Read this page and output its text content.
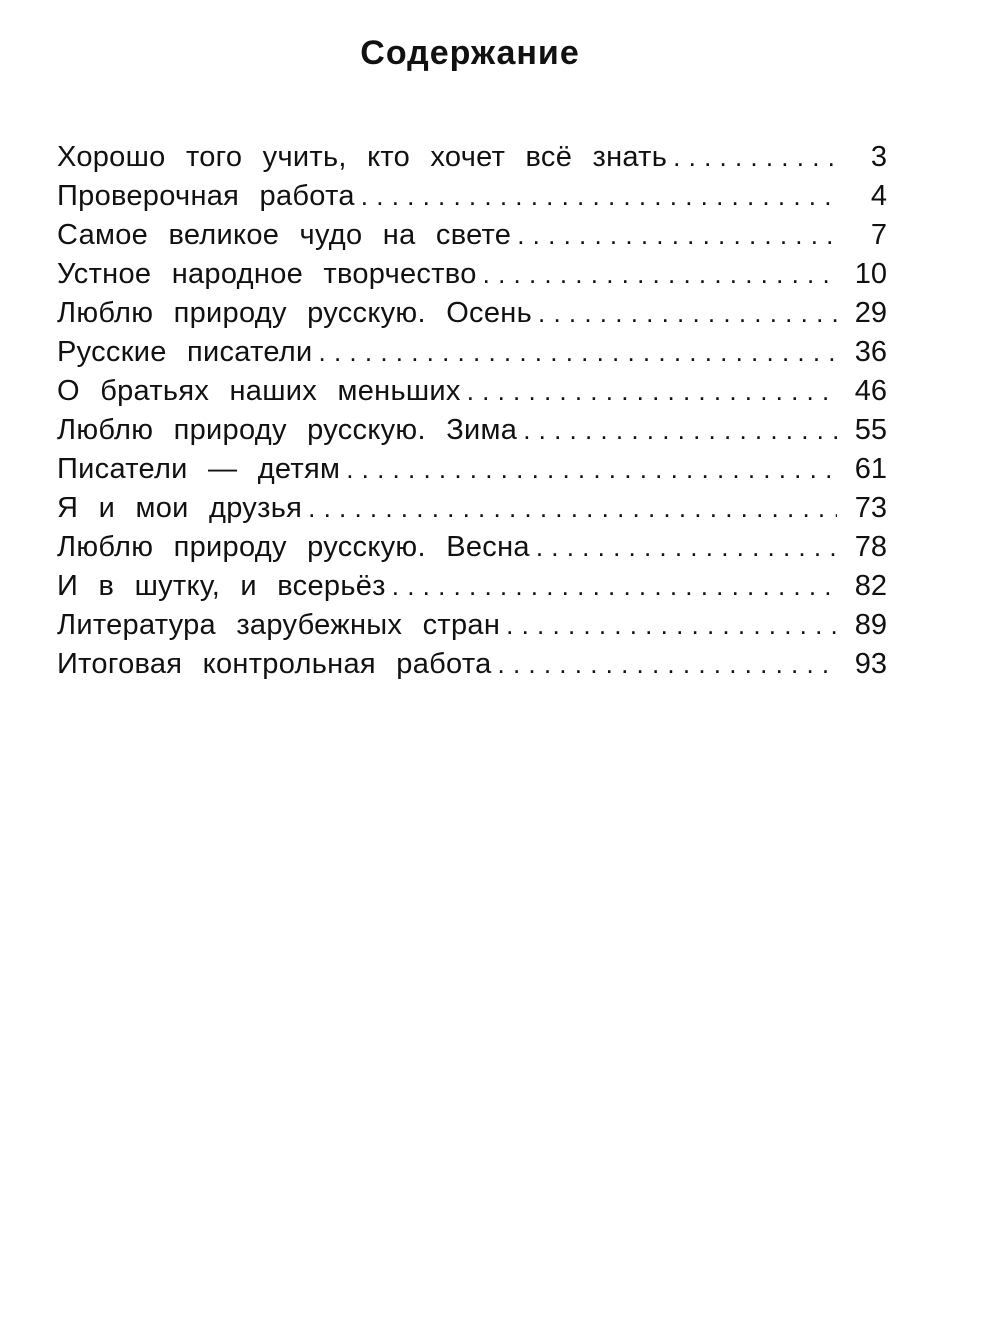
Содержание
Хорошо того учить, кто хочет всё знать . . .	3
Проверочная работа . . .	4
Самое великое чудо на свете . . .	7
Устное народное творчество . . .	10
Люблю природу русскую. Осень . . .	29
Русские писатели . . .	36
О братьях наших меньших . . .	46
Люблю природу русскую. Зима . . .	55
Писатели — детям . . .	61
Я и мои друзья . . .	73
Люблю природу русскую. Весна . . .	78
И в шутку, и всерьёз . . .	82
Литература зарубежных стран . . .	89
Итоговая контрольная работа . . .	93
